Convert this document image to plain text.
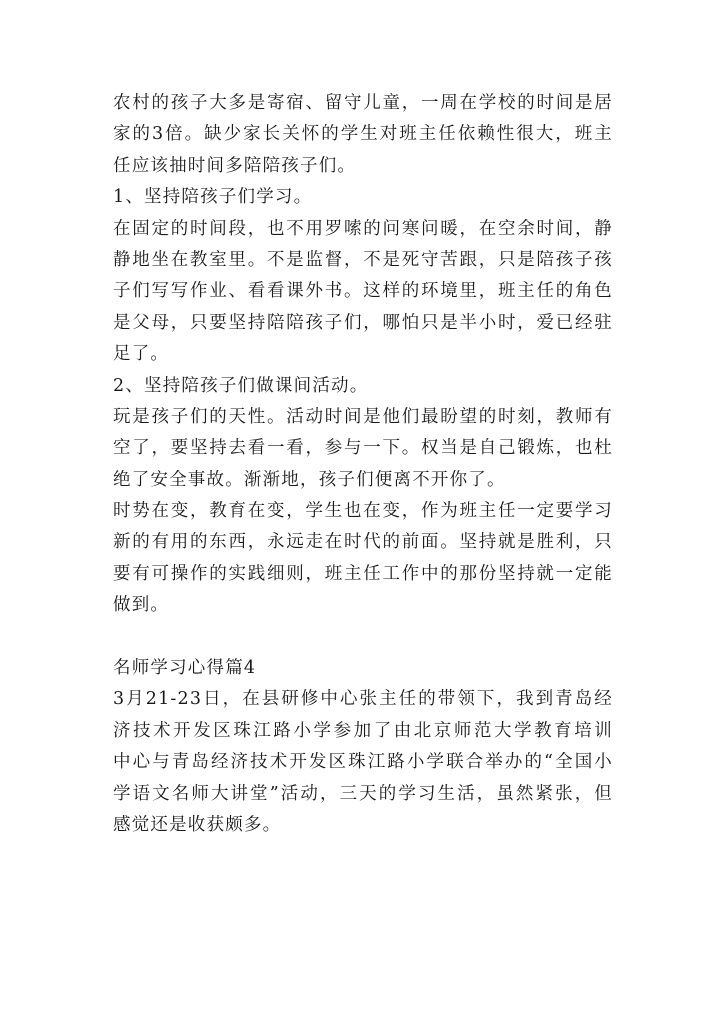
农村的孩子大多是寄宿、留守儿童，一周在学校的时间是居
家的3倍。缺少家长关怀的学生对班主任依赖性很大，班主
任应该抽时间多陪陪孩子们。
1、坚持陪孩子们学习。
在固定的时间段，也不用罗嗦的问寒问暖，在空余时间，静
静地坐在教室里。不是监督，不是死守苦跟，只是陪孩子孩
子们写写作业、看看课外书。这样的环境里，班主任的角色
是父母，只要坚持陪陪孩子们，哪怕只是半小时，爱已经驻
足了。
2、坚持陪孩子们做课间活动。
玩是孩子们的天性。活动时间是他们最盼望的时刻，教师有
空了，要坚持去看一看，参与一下。权当是自己锻炼，也杜
绝了安全事故。渐渐地，孩子们便离不开你了。
时势在变，教育在变，学生也在变，作为班主任一定要学习
新的有用的东西，永远走在时代的前面。坚持就是胜利，只
要有可操作的实践细则，班主任工作中的那份坚持就一定能
做到。
名师学习心得篇4
3月21-23日，在县研修中心张主任的带领下，我到青岛经
济技术开发区珠江路小学参加了由北京师范大学教育培训
中心与青岛经济技术开发区珠江路小学联合举办的“全国小
学语文名师大讲堂”活动，三天的学习生活，虽然紧张，但
感觉还是收获颇多。
